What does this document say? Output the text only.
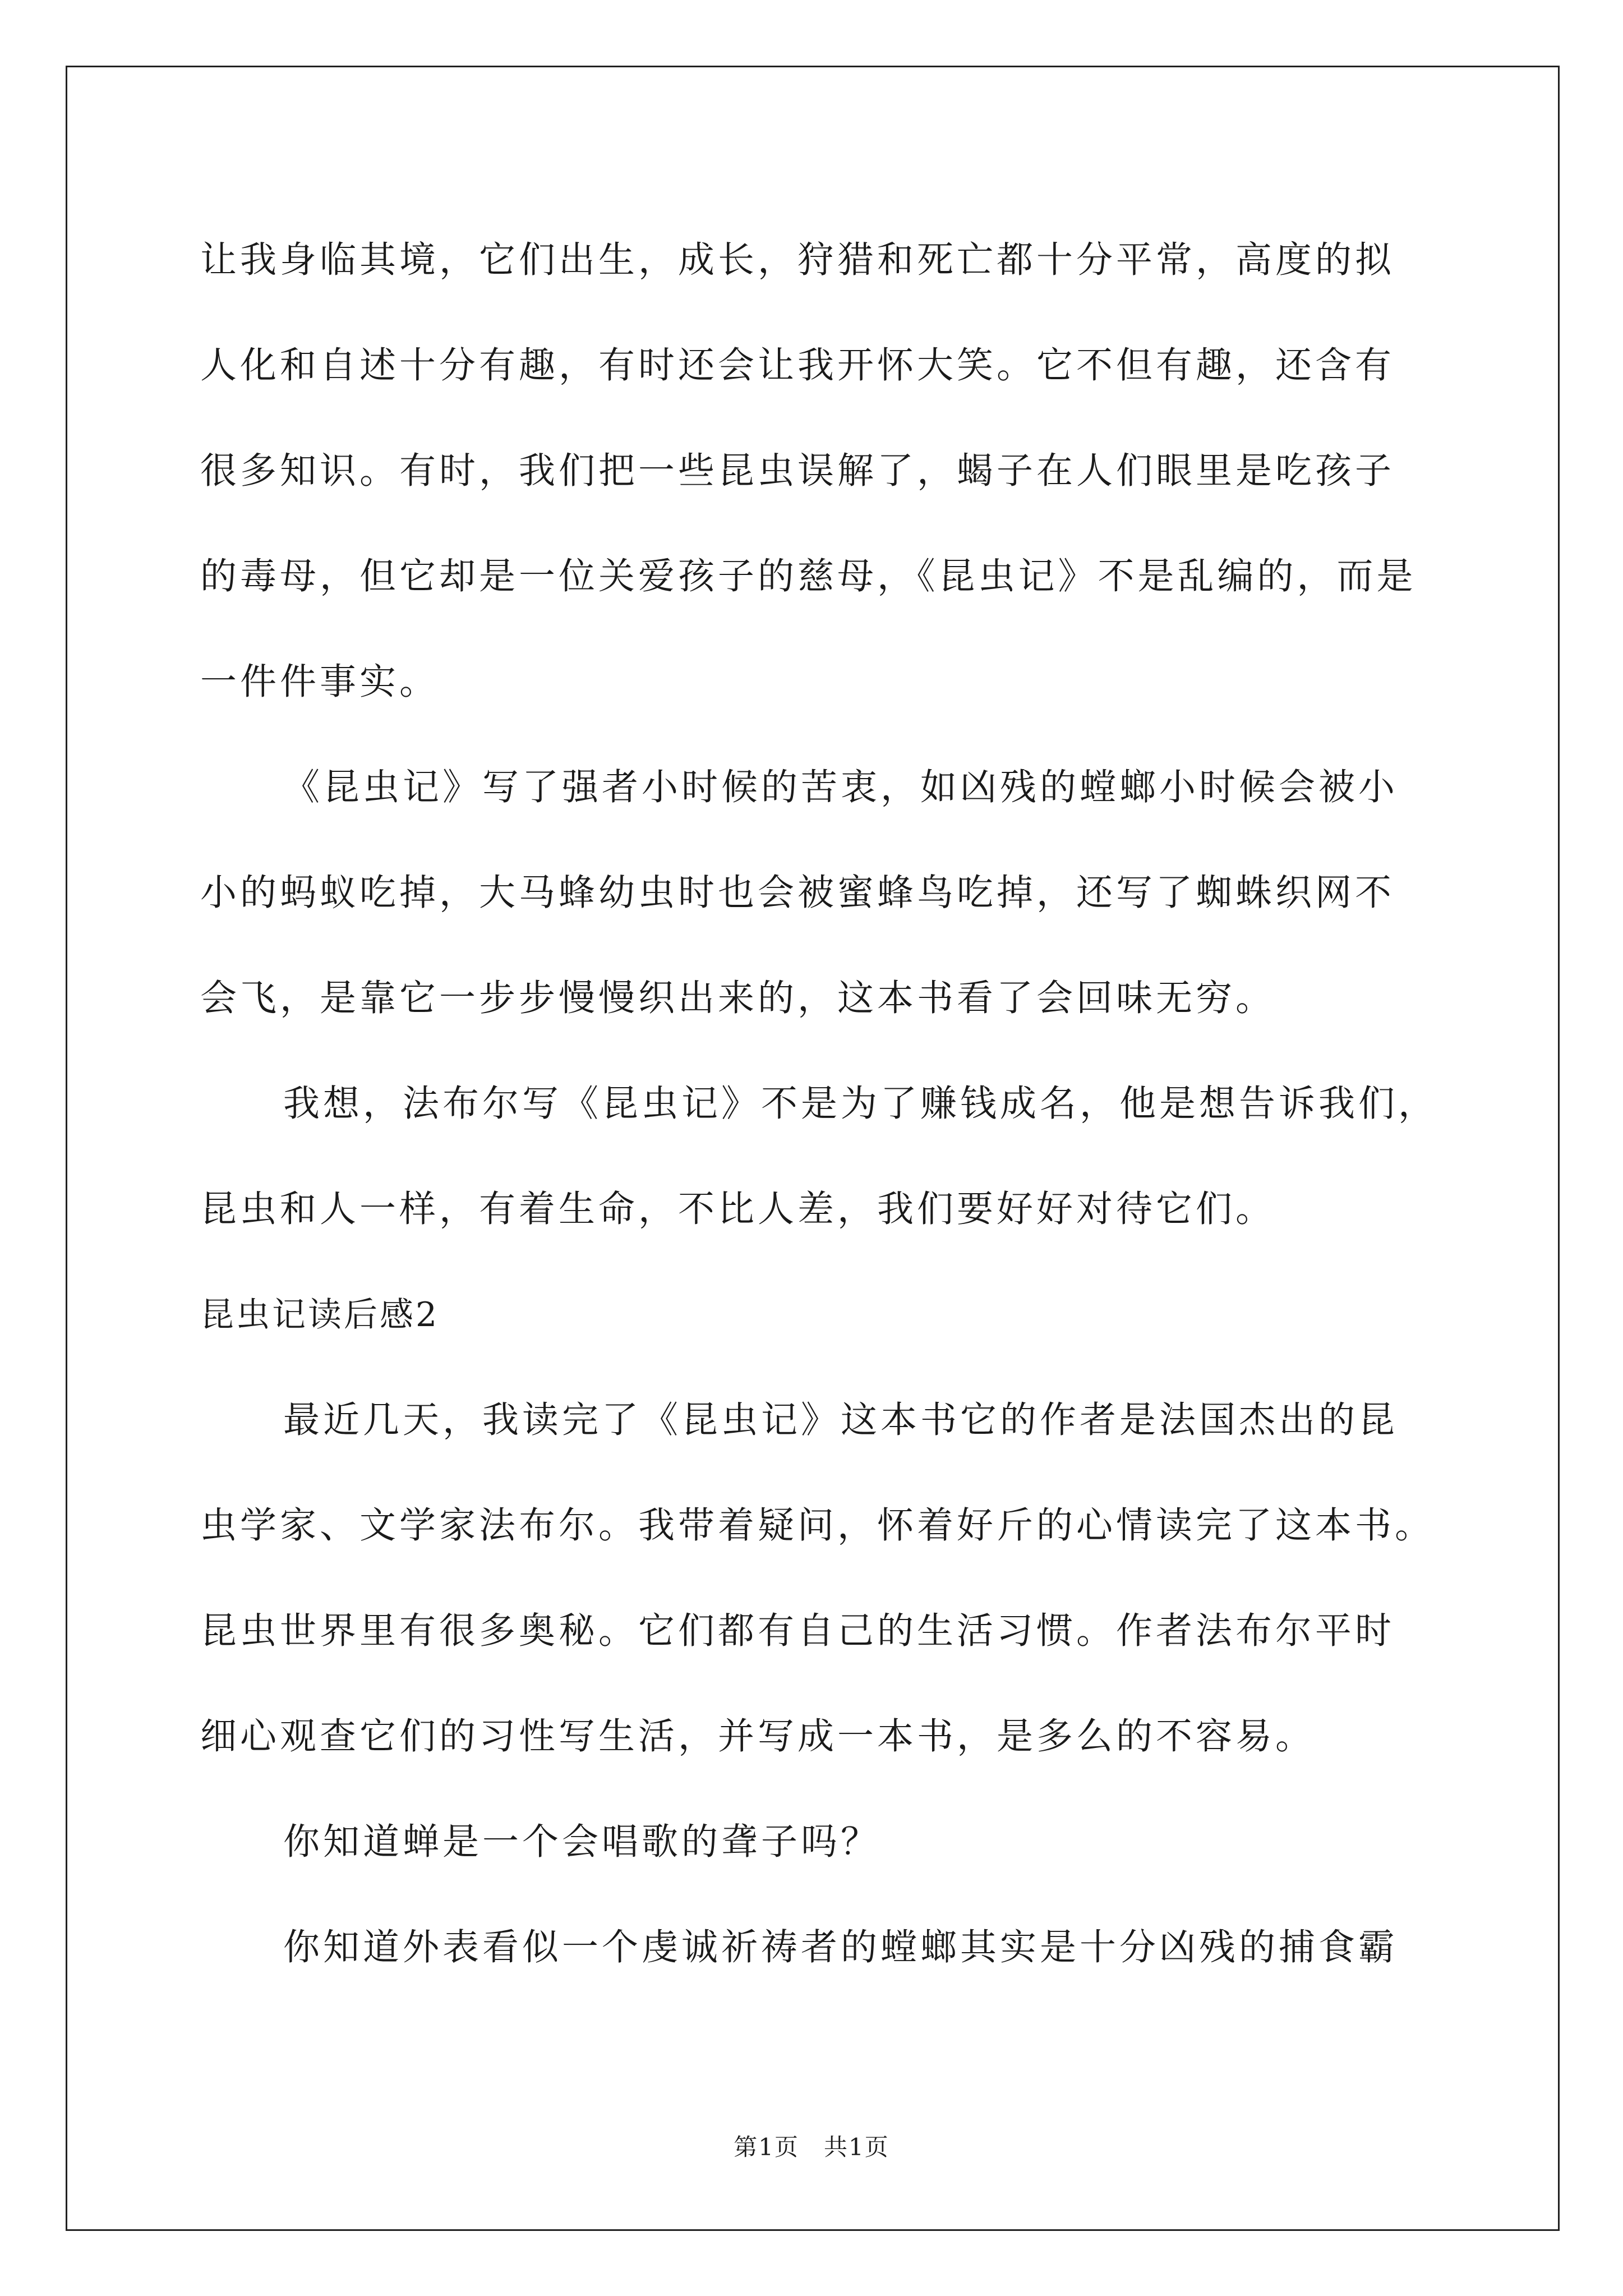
让我身临其境，它们出生，成长，狩猎和死亡都十分平常，高度的拟
人化和自述十分有趣，有时还会让我开怀大笑。它不但有趣，还含有
很多知识。有时，我们把一些昆虫误解了，蝎子在人们眼里是吃孩子
的毒母，但它却是一位关爱孩子的慈母，《昆虫记》不是乱编的，而是
一件件事实。
《昆虫记》写了强者小时候的苦衷，如凶残的螳螂小时候会被小
小的蚂蚁吃掉，大马蜂幼虫时也会被蜜蜂鸟吃掉，还写了蜘蛛织网不
会飞，是靠它一步步慢慢织出来的，这本书看了会回味无穷。
我想，法布尔写《昆虫记》不是为了赚钱成名，他是想告诉我们，
昆虫和人一样，有着生命，不比人差，我们要好好对待它们。
昆虫记读后感2
最近几天，我读完了《昆虫记》这本书它的作者是法国杰出的昆
虫学家、文学家法布尔。我带着疑问，怀着好斤的心情读完了这本书。
昆虫世界里有很多奥秘。它们都有自己的生活习惯。作者法布尔平时
细心观查它们的习性写生活，并写成一本书，是多么的不容易。
你知道蝉是一个会唱歌的聋子吗？
你知道外表看似一个虔诚祈祷者的螳螂其实是十分凶残的捕食霸
第1页　共1页
